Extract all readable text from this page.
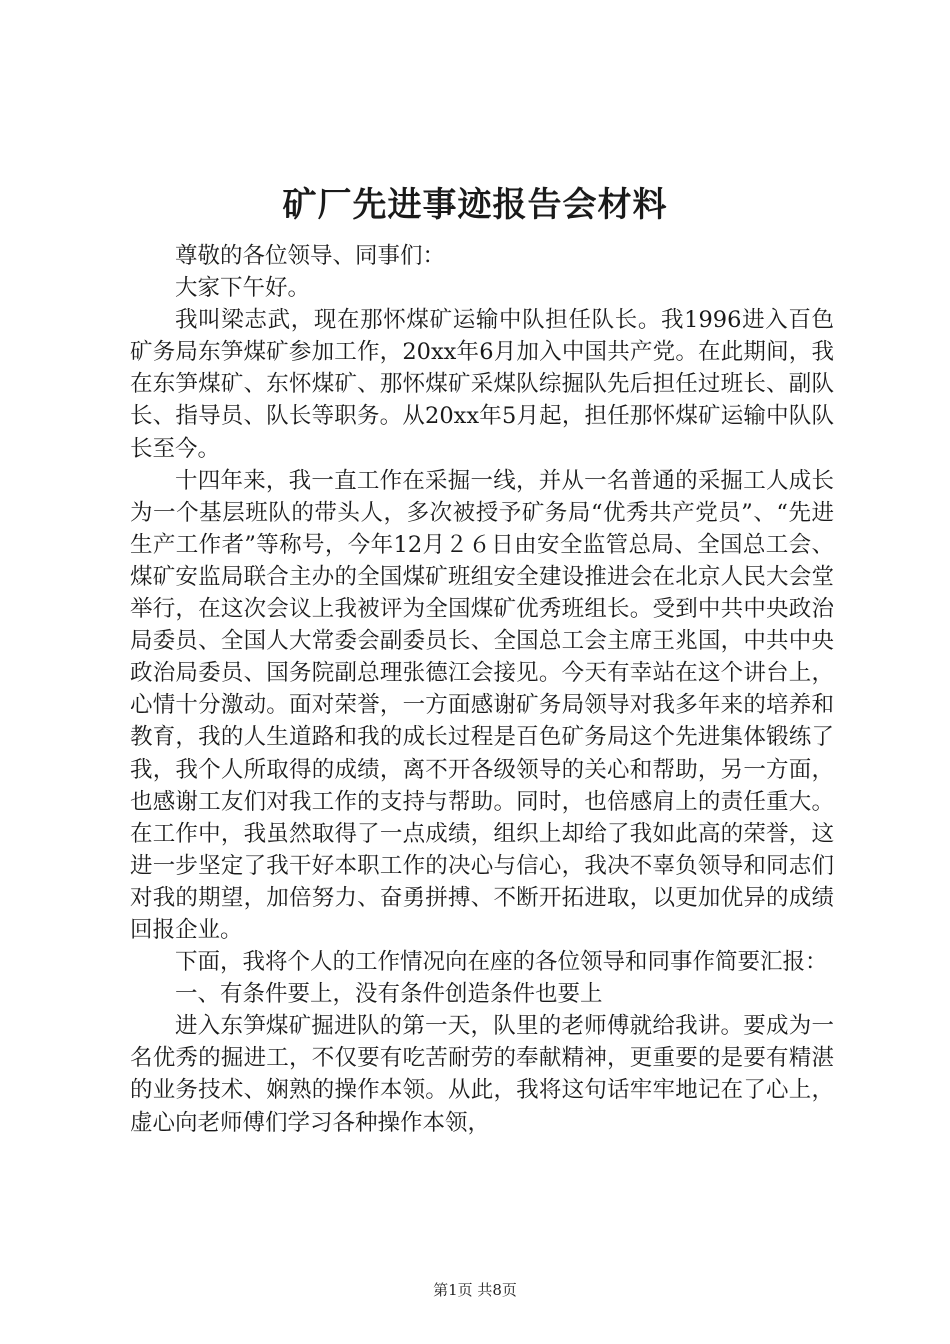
矿厂先进事迹报告会材料

尊敬的各位领导、同事们：

大家下午好。

我叫梁志武，现在那怀煤矿运输中队担任队长。我1996进入百色矿务局东笋煤矿参加工作，20xx年6月加入中国共产党。在此期间，我在东笋煤矿、东怀煤矿、那怀煤矿采煤队综掘队先后担任过班长、副队长、指导员、队长等职务。从20xx年5月起，担任那怀煤矿运输中队队长至今。

十四年来，我一直工作在采掘一线，并从一名普通的采掘工人成长为一个基层班队的带头人，多次被授予矿务局“优秀共产党员”、“先进生产工作者”等称号，今年12月２６日由安全监管总局、全国总工会、煤矿安监局联合主办的全国煤矿班组安全建设推进会在北京人民大会堂举行，在这次会议上我被评为全国煤矿优秀班组长。受到中共中央政治局委员、全国人大常委会副委员长、全国总工会主席王兆国，中共中央政治局委员、国务院副总理张德江会接见。今天有幸站在这个讲台上，心情十分激动。面对荣誉，一方面感谢矿务局领导对我多年来的培养和教育，我的人生道路和我的成长过程是百色矿务局这个先进集体锻练了我，我个人所取得的成绩，离不开各级领导的关心和帮助，另一方面，也感谢工友们对我工作的支持与帮助。同时，也倍感肩上的责任重大。在工作中，我虽然取得了一点成绩，组织上却给了我如此高的荣誉，这进一步坚定了我干好本职工作的决心与信心，我决不辜负领导和同志们对我的期望，加倍努力、奋勇拼搏、不断开拓进取，以更加优异的成绩回报企业。

下面，我将个人的工作情况向在座的各位领导和同事作简要汇报：

一、有条件要上，没有条件创造条件也要上

进入东笋煤矿掘进队的第一天，队里的老师傅就给我讲。要成为一名优秀的掘进工，不仅要有吃苦耐劳的奉献精神，更重要的是要有精湛的业务技术、娴熟的操作本领。从此，我将这句话牢牢地记在了心上，虚心向老师傅们学习各种操作本领，

第1页 共8页
